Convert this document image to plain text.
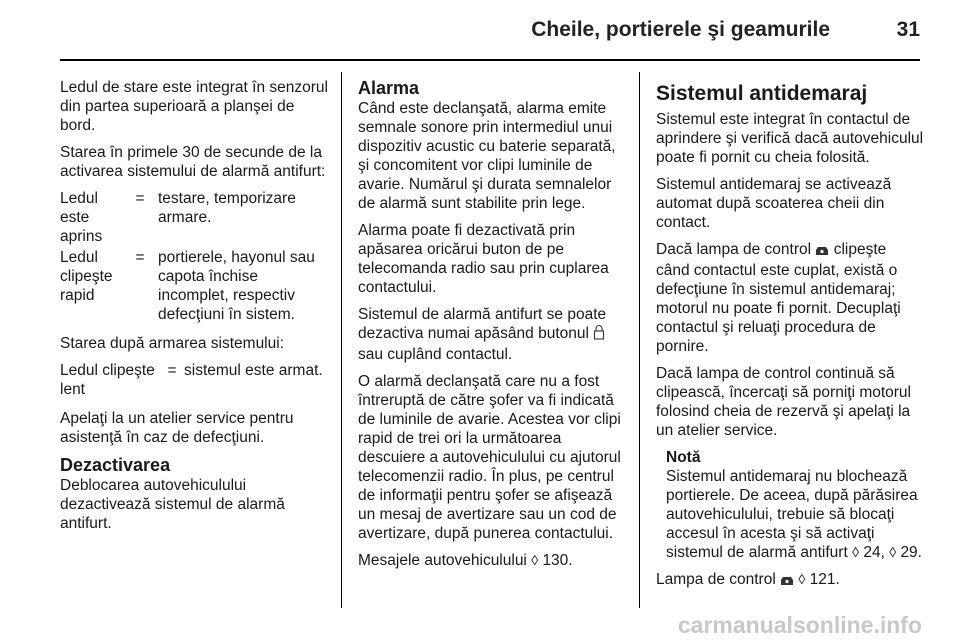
Cheile, portierele şi geamurile	31

Ledul de stare este integrat în senzorul din partea superioară a planşei de bord.

Starea în primele 30 de secunde de la activarea sistemului de alarmă antifurt:

Ledul este aprins	=	testare, temporizare armare.
Ledul clipeşte rapid	=	portierele, hayonul sau capota închise incomplet, respectiv defecţiuni în sistem.

Starea după armarea sistemului:

Ledul clipeşte lent	=	sistemul este armat.

Apelaţi la un atelier service pentru asistenţă în caz de defecţiuni.

Dezactivarea

Deblocarea autovehiculului dezactivează sistemul de alarmă antifurt.

Alarma

Când este declanşată, alarma emite semnale sonore prin intermediul unui dispozitiv acustic cu baterie separată, şi concomitent vor clipi luminile de avarie. Numărul şi durata semnalelor de alarmă sunt stabilite prin lege.

Alarma poate fi dezactivată prin apăsarea oricărui buton de pe telecomanda radio sau prin cuplarea contactului.

Sistemul de alarmă antifurt se poate dezactiva numai apăsând butonul  sau cuplând contactul.

O alarmă declanşată care nu a fost întreruptă de către şofer va fi indicată de luminile de avarie. Acestea vor clipi rapid de trei ori la următoarea descuiere a autovehiculului cu ajutorul telecomenzii radio. În plus, pe centrul de informaţii pentru şofer se afişează un mesaj de avertizare sau un cod de avertizare, după punerea contactului.

Mesajele autovehiculului ◊ 130.

Sistemul antidemaraj

Sistemul este integrat în contactul de aprindere şi verifică dacă autovehiculul poate fi pornit cu cheia folosită.

Sistemul antidemaraj se activează automat după scoaterea cheii din contact.

Dacă lampa de control clipeşte când contactul este cuplat, există o defecţiune în sistemul antidemaraj; motorul nu poate fi pornit. Decuplaţi contactul şi reluaţi procedura de pornire.

Dacă lampa de control continuă să clipească, încercaţi să porniţi motorul folosind cheia de rezervă şi apelaţi la un atelier service.

Notă

Sistemul antidemaraj nu blochează portierele. De aceea, după părăsirea autovehiculului, trebuie să blocaţi accesul în acesta şi să activaţi sistemul de alarmă antifurt ◊ 24, ◊ 29.

Lampa de control ◊ 121.

carmanualsonline.info
